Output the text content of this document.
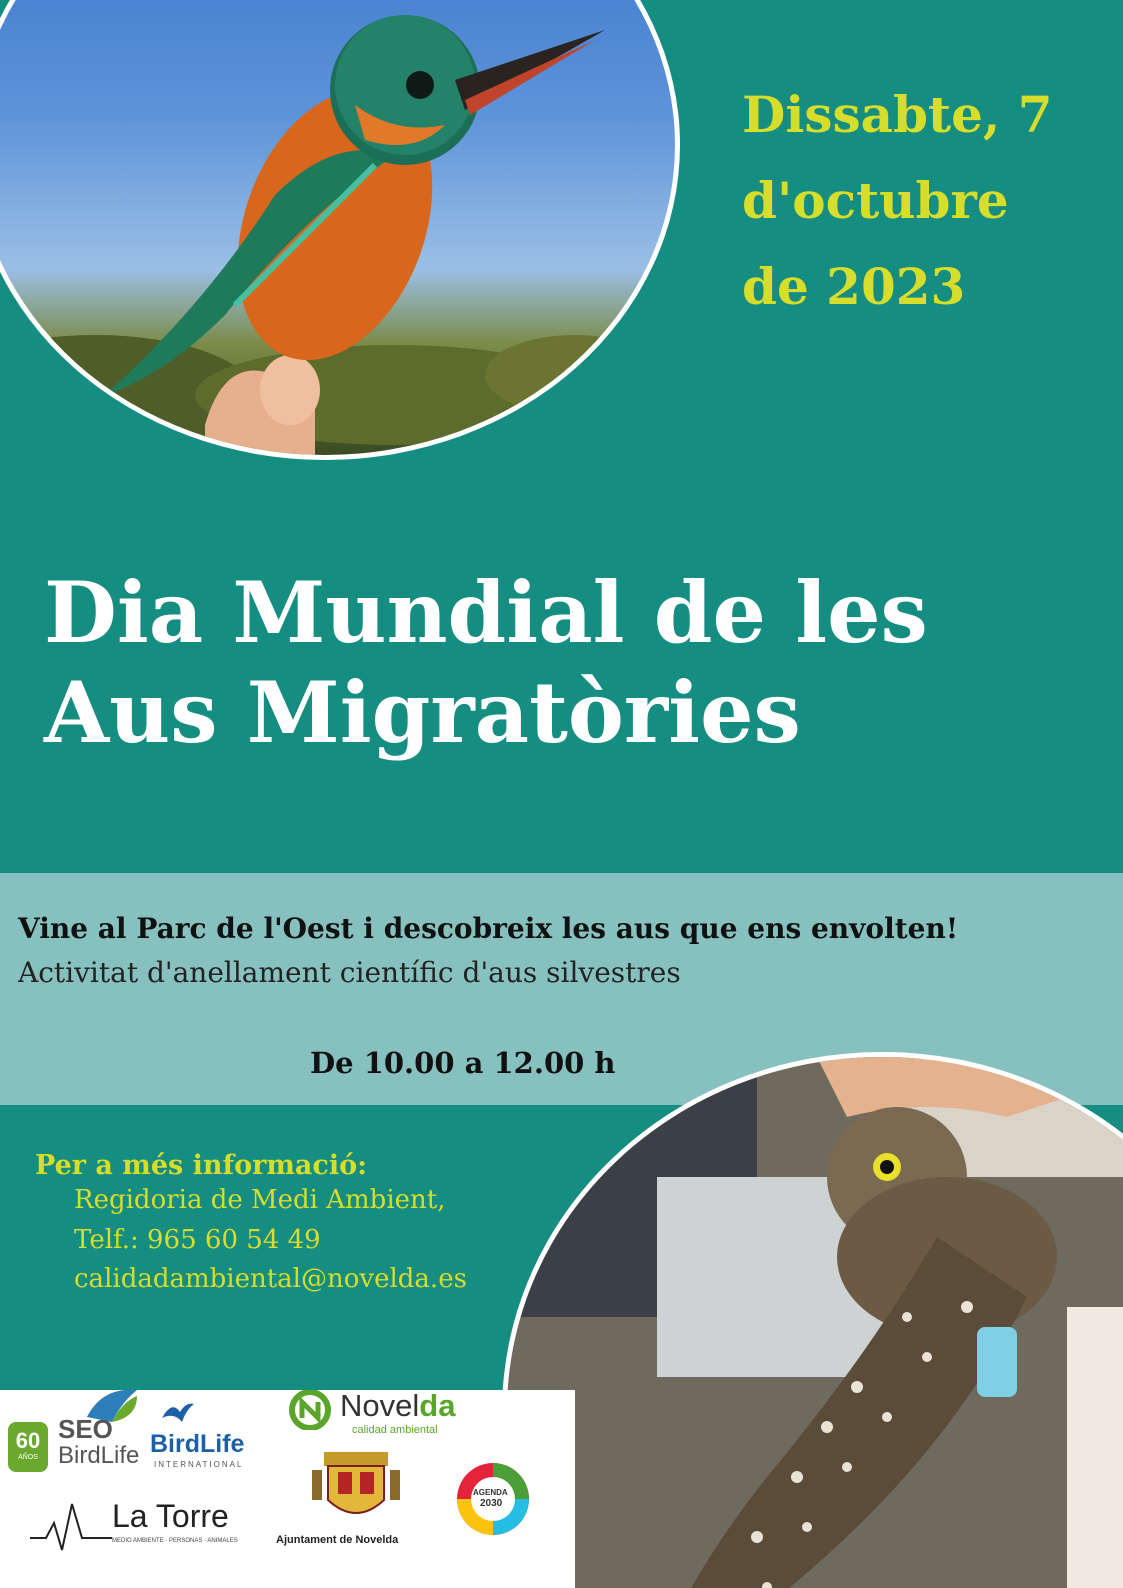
Dissabte, 7
d'octubre
de 2023
Dia Mundial de les
Aus Migratòries
Vine al Parc de l'Oest i descobreix les aus que ens envolten!
Activitat d'anellament científic d'aus silvestres
De 10.00 a 12.00 h
Per a més informació:
Regidoria de Medi Ambient,
Telf.: 965 60 54 49
calidadambiental@novelda.es
60
AÑOS
SEO
BirdLife BirdLife
INTERNATIONAL
Novelda
calidad ambiental
La Torre
MEDIO AMBIENTE · PERSONAS · ANIMALES	Ajuntament de Novelda
AGENDA
2030
